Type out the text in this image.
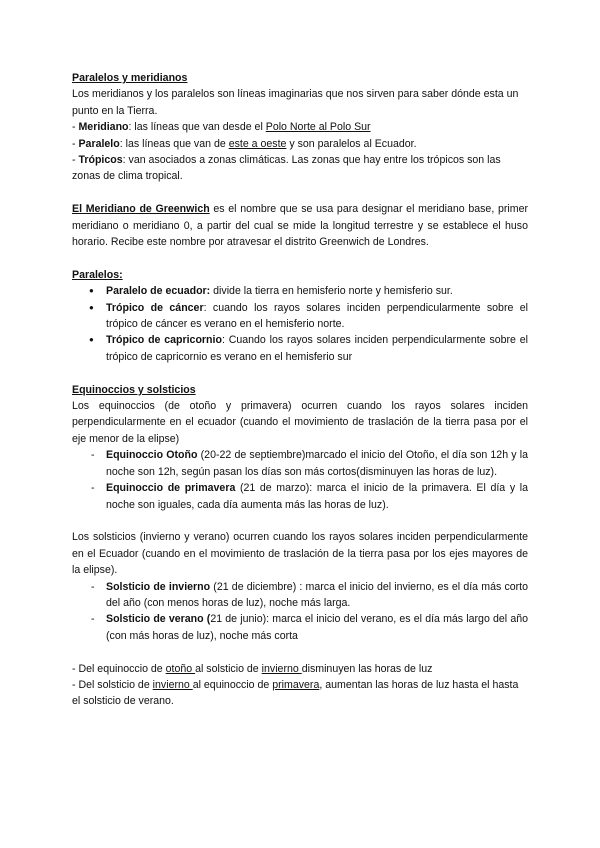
Paralelos y meridianos

Los meridianos y los paralelos son líneas imaginarias que nos sirven para saber dónde esta un punto en la Tierra.

- Meridiano: las líneas que van desde el Polo Norte al Polo Sur

- Paralelo: las líneas que van de este a oeste y son paralelos al Ecuador.

- Trópicos: van asociados a zonas climáticas. Las zonas que hay entre los trópicos son las zonas de clima tropical.

El Meridiano de Greenwich es el nombre que se usa para designar el meridiano base, primer meridiano o meridiano 0, a partir del cual se mide la longitud terrestre y se establece el huso horario. Recibe este nombre por atravesar el distrito Greenwich de Londres.

Paralelos:

● Paralelo de ecuador: divide la tierra en hemisferio norte y hemisferio sur.
● Trópico de cáncer: cuando los rayos solares inciden perpendicularmente sobre el trópico de cáncer es verano en el hemisferio norte.
● Trópico de capricornio: Cuando los rayos solares inciden perpendicularmente sobre el trópico de capricornio es verano en el hemisferio sur

Equinoccios y solsticios

Los equinoccios (de otoño y primavera) ocurren cuando los rayos solares inciden perpendicularmente en el ecuador (cuando el movimiento de traslación de la tierra pasa por el eje menor de la elipse)

- Equinoccio Otoño (20-22 de septiembre)marcado el inicio del Otoño, el día son 12h y la noche son 12h, según pasan los días son más cortos(disminuyen las horas de luz).
- Equinoccio de primavera (21 de marzo): marca el inicio de la primavera. El día y la noche son iguales, cada día aumenta más las horas de luz).

Los solsticios (invierno y verano) ocurren cuando los rayos solares inciden perpendicularmente en el Ecuador (cuando en el movimiento de traslación de la tierra pasa por los ejes mayores de la elipse).

- Solsticio de invierno (21 de diciembre) : marca el inicio del invierno, es el día más corto del año (con menos horas de luz), noche más larga.
- Solsticio de verano (21 de junio): marca el inicio del verano, es el día más largo del año (con más horas de luz), noche más corta

- Del equinoccio de otoño al solsticio de invierno disminuyen las horas de luz

- Del solsticio de invierno al equinoccio de primavera, aumentan las horas de luz hasta el hasta el solsticio de verano.
